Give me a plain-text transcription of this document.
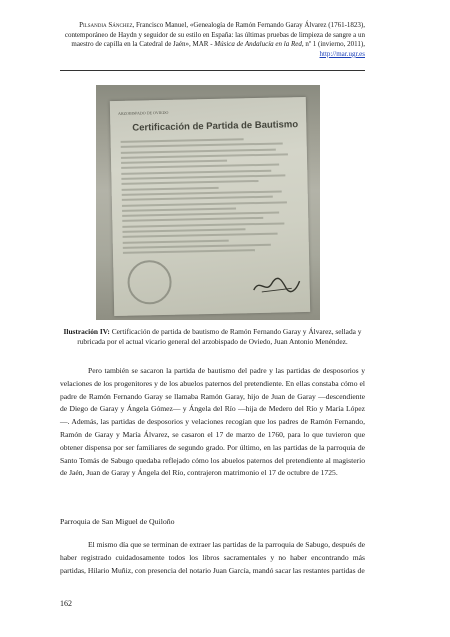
Pilsandia Sánchez, Francisco Manuel, «Genealogía de Ramón Fernando Garay Álvarez (1761-1823), contemporáneo de Haydn y seguidor de su estilo en España: las últimas pruebas de limpieza de sangre a un maestro de capilla en la Catedral de Jaén», MAR - Música de Andalucía en la Red, nº 1 (invierno, 2011), http://mar.ugr.es
ARZOBISPADO DE OVIEDO
Certificación de Partida de Bautismo
Ilustración IV: Certificación de partida de bautismo de Ramón Fernando Garay y Álvarez, sellada y rubricada por el actual vicario general del arzobispado de Oviedo, Juan Antonio Menéndez.
Pero también se sacaron la partida de bautismo del padre y las partidas de desposorios y velaciones de los progenitores y de los abuelos paternos del pretendiente. En ellas constaba cómo el padre de Ramón Fernando Garay se llamaba Ramón Garay, hijo de Juan de Garay —descendiente de Diego de Garay y Ángela Gómez— y Ángela del Río —hija de Medero del Río y María López—. Además, las partidas de desposorios y velaciones recogían que los padres de Ramón Fernando, Ramón de Garay y María Álvarez, se casaron el 17 de marzo de 1760, para lo que tuvieron que obtener dispensa por ser familiares de segundo grado. Por último, en las partidas de la parroquia de Santo Tomás de Sabugo quedaba reflejado cómo los abuelos paternos del pretendiente al magisterio de Jaén, Juan de Garay y Ángela del Río, contrajeron matrimonio el 17 de octubre de 1725.
Parroquia de San Miguel de Quiloño
El mismo día que se terminan de extraer las partidas de la parroquia de Sabugo, después de haber registrado cuidadosamente todos los libros sacramentales y no haber encontrando más partidas, Hilario Muñiz, con presencia del notario Juan García, mandó sacar las restantes partidas de
162
